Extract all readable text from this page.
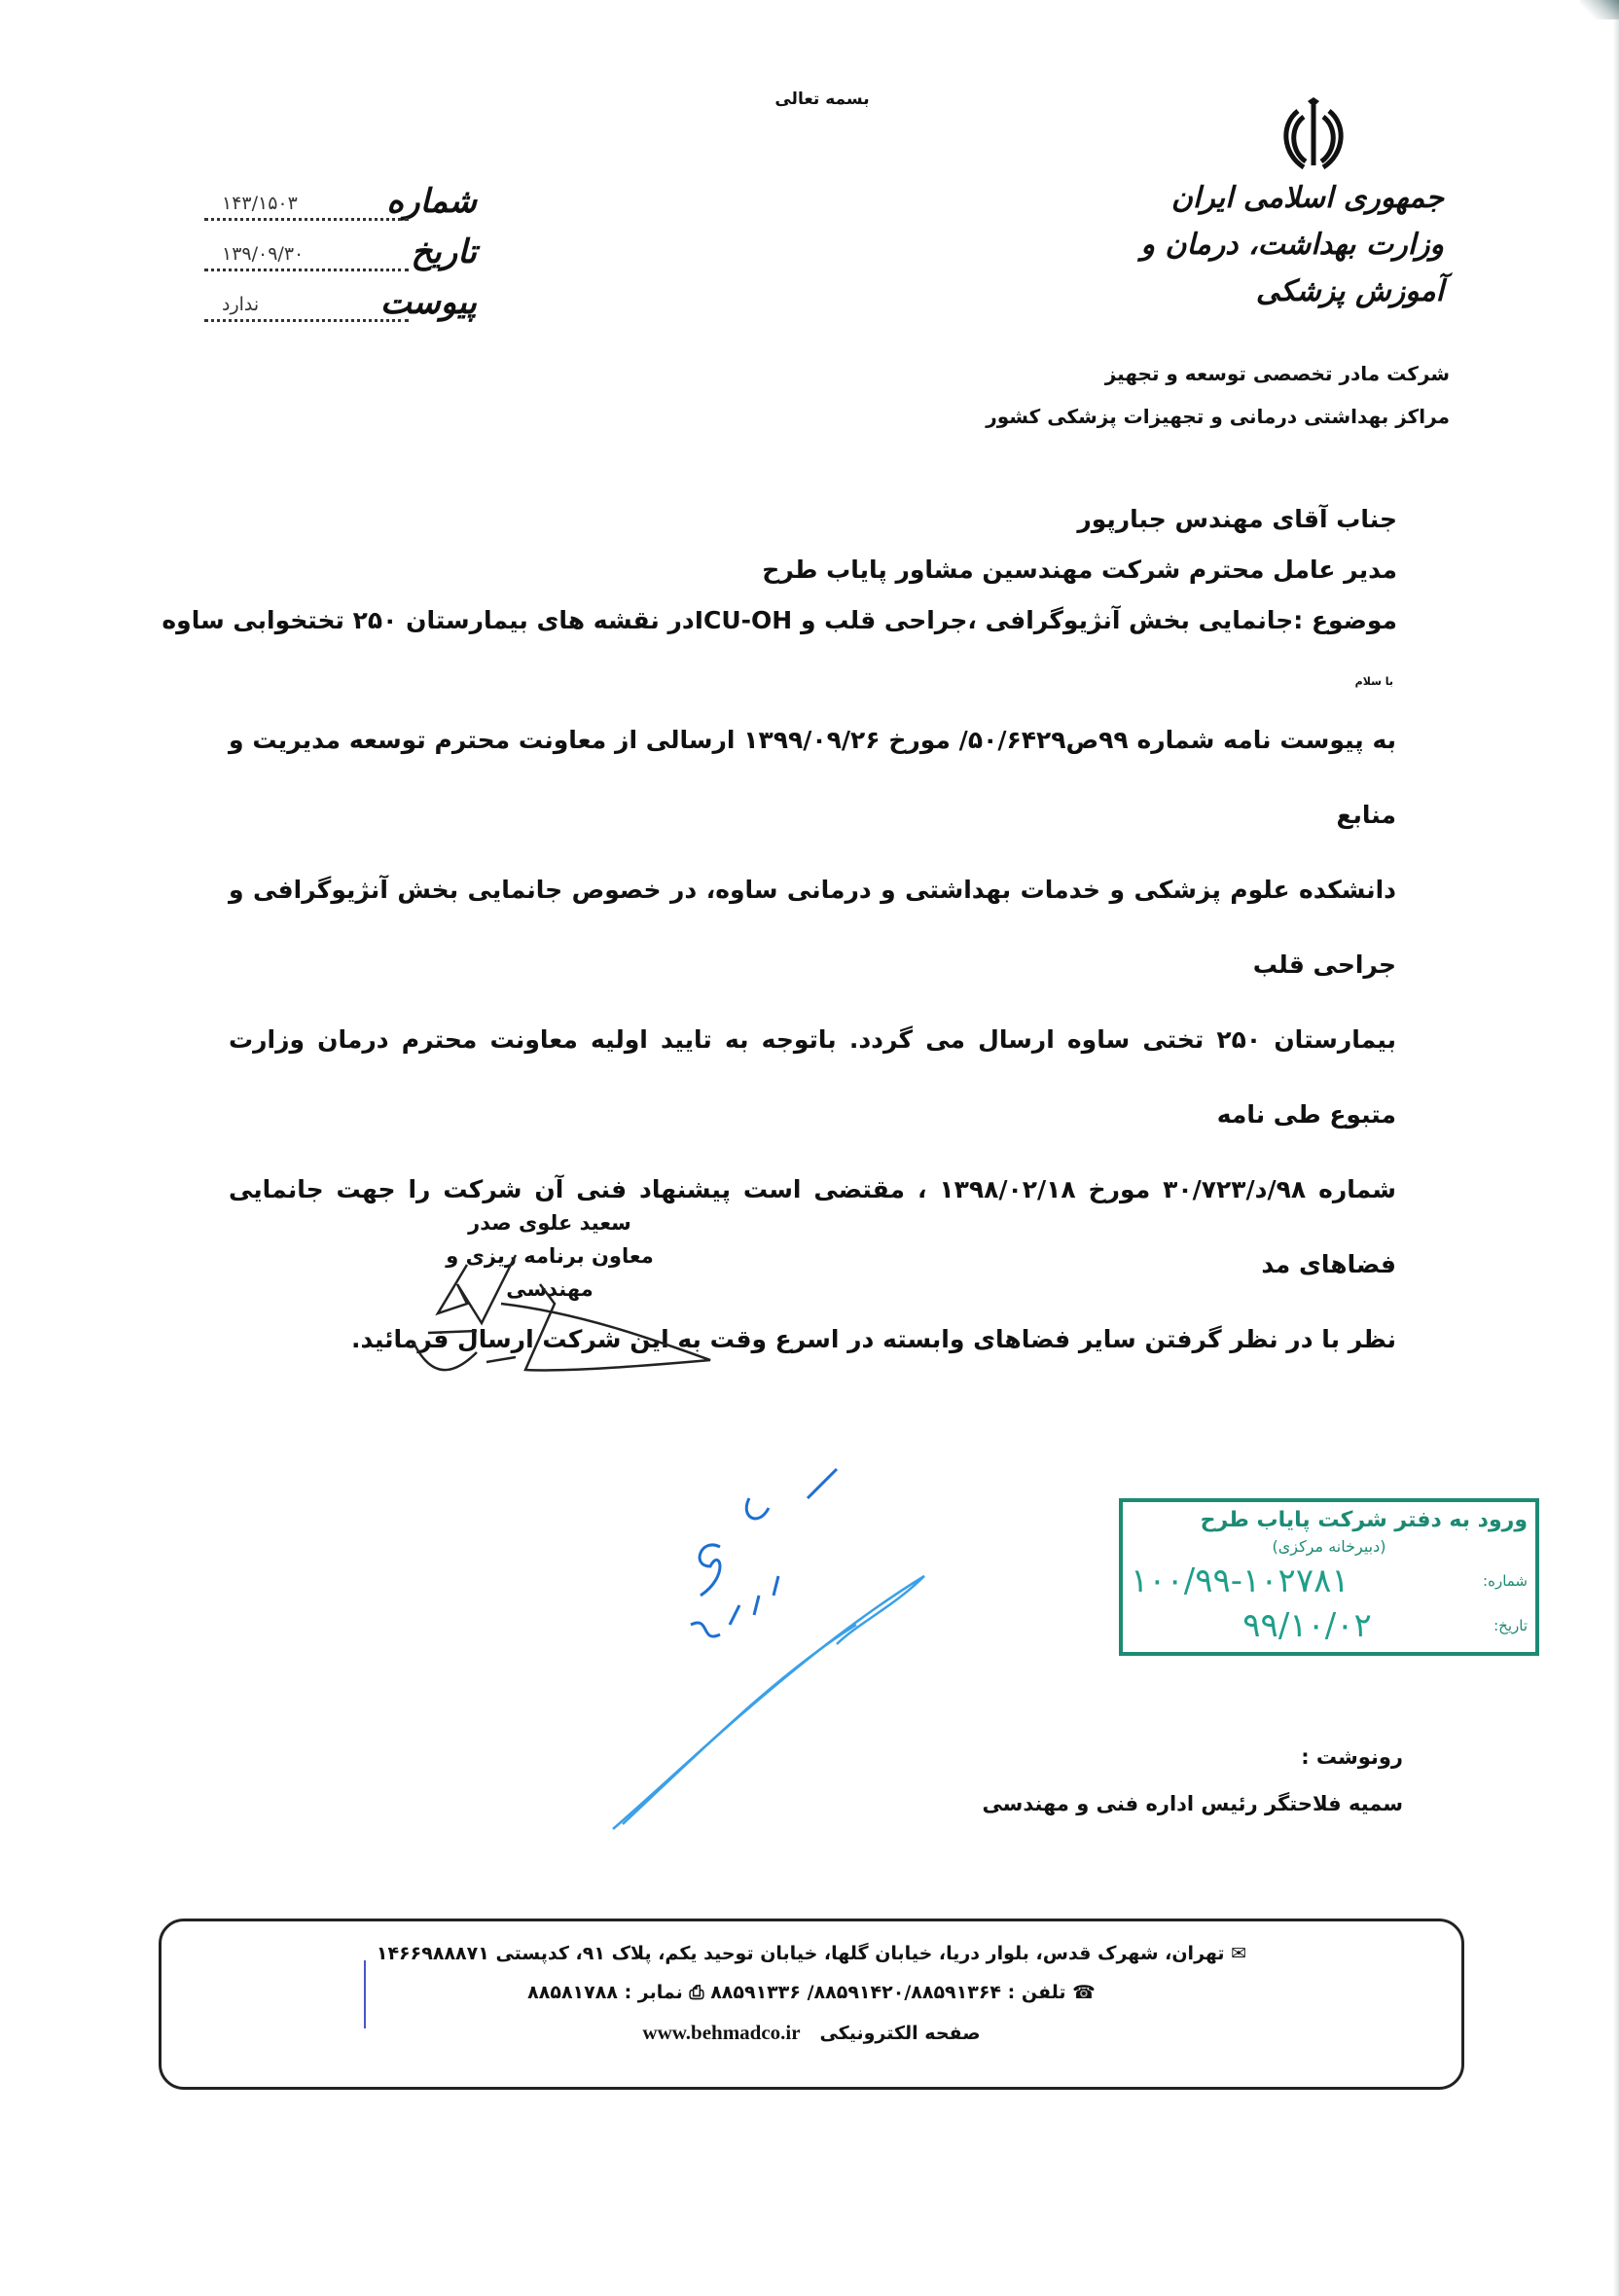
بسمه تعالی
جمهوری اسلامی ایران
وزارت بهداشت، درمان و آموزش پزشکی
شرکت مادر تخصصی توسعه و تجهیز
مراکز بهداشتی درمانی و تجهیزات پزشکی کشور
شماره
۱۴۳/۱۵۰۳
تاریخ
۱۳۹/۰۹/۳۰
پیوست
ندارد
جناب آقای مهندس جبارپور
مدیر عامل محترم شرکت مهندسین مشاور پایاب طرح
موضوع :جانمایی بخش آنژیوگرافی ،جراحی قلب و ICU-OHدر نقشه های بیمارستان ۲۵۰ تختخوابی ساوه
با سلام

به پیوست نامه شماره ۹۹ص۵۰/۶۴۲۹/ مورخ ۱۳۹۹/۰۹/۲۶ ارسالی از معاونت محترم توسعه مدیریت و منابع

دانشکده علوم پزشکی و خدمات بهداشتی و درمانی ساوه، در خصوص جانمایی بخش آنژیوگرافی و جراحی قلب

بیمارستان ۲۵۰ تختی ساوه ارسال می گردد. باتوجه به تایید اولیه معاونت محترم درمان وزارت متبوع طی نامه

شماره ۹۸/د/۳۰/۷۲۳ مورخ ۱۳۹۸/۰۲/۱۸ ، مقتضی است پیشنهاد فنی آن شرکت را جهت جانمایی فضاهای مد

نظر با در نظر گرفتن سایر فضاهای وابسته در اسرع وقت به این شرکت ارسال فرمائید.

سعید علوی صدر
معاون برنامه ریزی و مهندسی
ورود به دفتر شرکت پایاب طرح
(دبیرخانه مرکزی)
شماره:
۱۰۰/۹۹-۱۰۲۷۸۱
تاریخ:
۹۹/۱۰/۰۲
رونوشت :
سمیه فلاحتگر رئیس اداره فنی و مهندسی
✉ تهران، شهرک قدس، بلوار دریا، خیابان گلها، خیابان توحید یکم، پلاک ۹۱، کدپستی ۱۴۶۶۹۸۸۸۷۱
☎ تلفن : ۸۸۵۹۱۴۲۰/۸۸۵۹۱۳۶۴/ ۸۸۵۹۱۳۳۶ ⎙ نمابر : ۸۸۵۸۱۷۸۸
صفحه الکترونیکی   www.behmadco.ir
